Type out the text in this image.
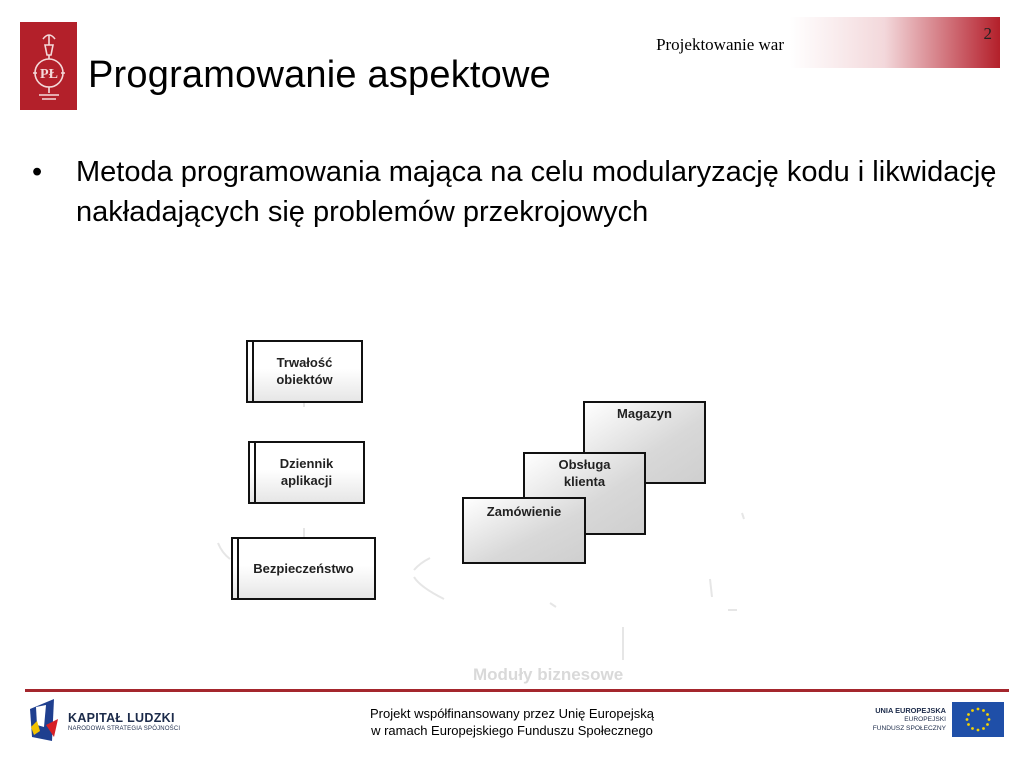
PŁ
2
Projektowanie war
Programowanie aspektowe
• Metoda programowania mająca na celu modularyzację kodu i likwidację nakładających się problemów przekrojowych
Trwałość obiektów
Dziennik aplikacji
Bezpieczeństwo
Magazyn
Obsługa klienta
Zamówienie
Moduły biznesowe
KAPITAŁ LUDZKI
NARODOWA STRATEGIA SPÓJNOŚCI
Projekt współfinansowany przez Unię Europejską
w ramach Europejskiego Funduszu Społecznego
UNIA EUROPEJSKA
EUROPEJSKI
FUNDUSZ SPOŁECZNY
